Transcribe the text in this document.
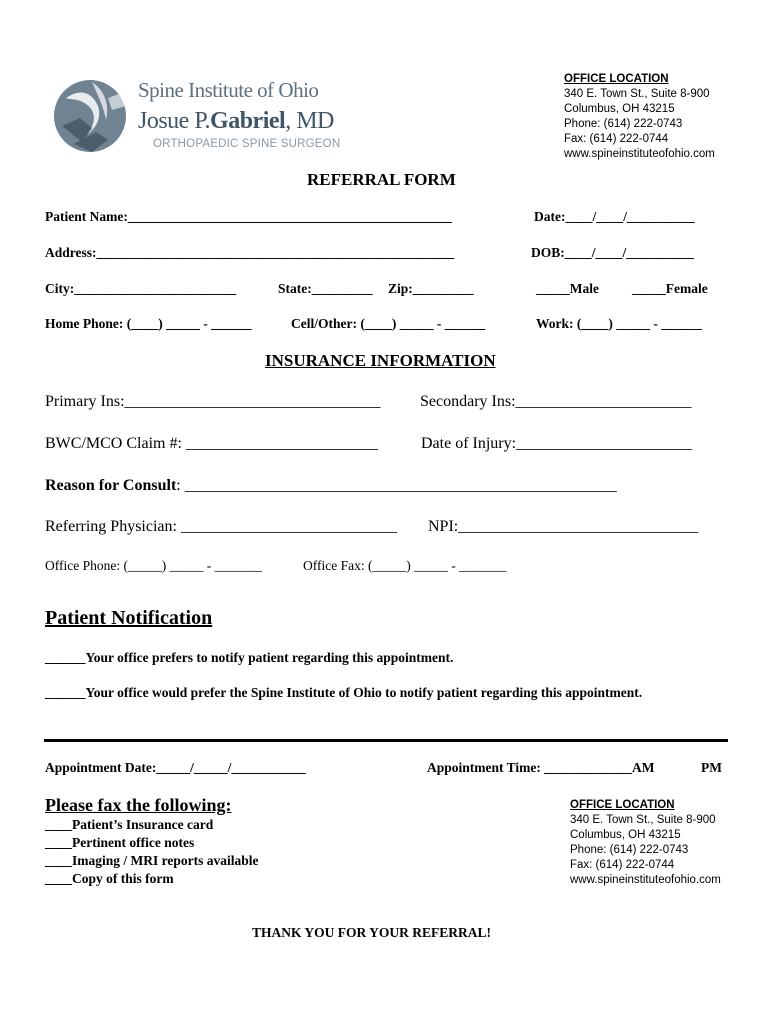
Spine Institute of Ohio
Josue P.Gabriel, MD
ORTHOPAEDIC SPINE SURGEON
OFFICE LOCATION
340 E. Town St., Suite 8-900
Columbus, OH 43215
Phone: (614) 222-0743
Fax: (614) 222-0744
www.spineinstituteofohio.com
REFERRAL FORM
Patient Name:________________________________________________	Date:____/____/__________
Address:_____________________________________________________	DOB:____/____/__________
City:________________________	State:_________ Zip:_________	_____Male _____Female
Home Phone: (____) _____ - ______	Cell/Other: (____) _____ - ______	Work: (____) _____ - ______
INSURANCE INFORMATION
Primary Ins:________________________________ Secondary Ins:______________________
BWC/MCO Claim #: ________________________	Date of Injury:______________________
Reason for Consult: ______________________________________________________
Referring Physician: ___________________________ NPI:______________________________
Office Phone: (_____) _____ - _______	Office Fax: (_____) _____ - _______
Patient Notification
______Your office prefers to notify patient regarding this appointment.
______Your office would prefer the Spine Institute of Ohio to notify patient regarding this appointment.
Appointment Date:_____/_____/___________	Appointment Time: _____________AM	PM
Please fax the following:
____Patient’s Insurance card
____Pertinent office notes
____Imaging / MRI reports available
____Copy of this form
OFFICE LOCATION
340 E. Town St., Suite 8-900
Columbus, OH 43215
Phone: (614) 222-0743
Fax: (614) 222-0744
www.spineinstituteofohio.com
THANK YOU FOR YOUR REFERRAL!
